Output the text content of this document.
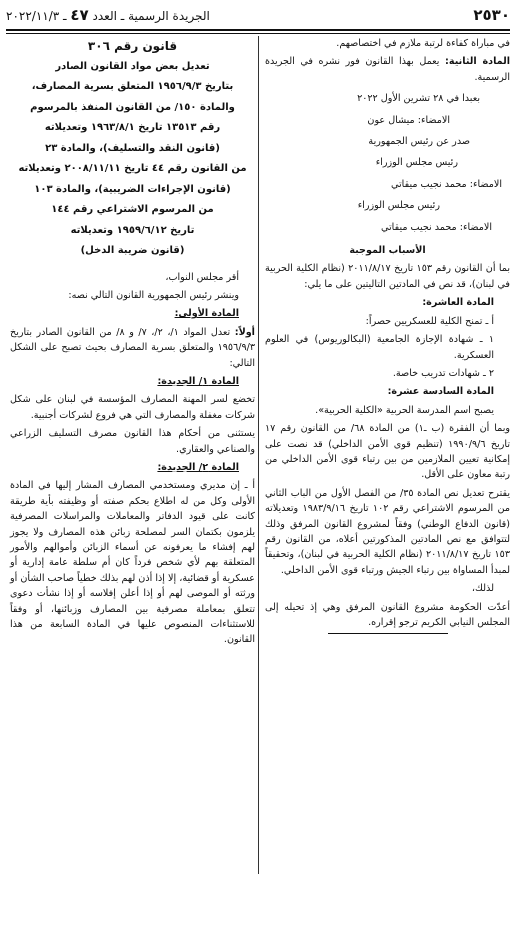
٢٥٣٠
الجريدة الرسمية ـ العدد ٤٧ ـ ٢٠٢٢/١١/٣

في مباراة كفاءة لرتبة ملازم في اختصاصهم.

المادة الثانية: يعمل بهذا القانون فور نشره في الجريدة الرسمية.

بعبدا في ٢٨ تشرين الأول ٢٠٢٢

الامضاء: ميشال عون

صدر عن رئيس الجمهورية

رئيس مجلس الوزراء

الامضاء: محمد نجيب ميقاتي

رئيس مجلس الوزراء

الامضاء: محمد نجيب ميقاتي

الأسباب الموجبة

بما أن القانون رقم ١٥٣ تاريخ ٢٠١١/٨/١٧ (نظام الكلية الحربية في لبنان)، قد نص في المادتين التاليتين على ما يلي:

المادة العاشرة:

أ ـ تمنح الكلية للعسكريين حصراً:

١ ـ شهادة الإجازة الجامعية (البكالوريوس) في العلوم العسكرية.

٢ ـ شهادات تدريب خاصة.

المادة السادسة عشرة:

يصبح اسم المدرسة الحربية «الكلية الحربية».

وبما أن الفقرة (ب ـ١) من المادة ٦٨/ من القانون رقم ١٧ تاريخ ١٩٩٠/٩/٦ (تنظيم قوى الأمن الداخلي) قد نصت على إمكانية تعيين الملازمين من بين رتباء قوى الأمن الداخلي من رتبة معاون على الأقل.

يقترح تعديل نص المادة ٣٥/ من الفصل الأول من الباب الثاني من المرسوم الاشتراعي رقم ١٠٢ تاريخ ١٩٨٣/٩/١٦ وتعديلاته (قانون الدفاع الوطني) وفقاً لمشروع القانون المرفق وذلك لتتوافق مع نص المادتين المذكورتين أعلاه، من القانون رقم ١٥٣ تاريخ ٢٠١١/٨/١٧ (نظام الكلية الحربية في لبنان)، وتحقيقاً لمبدأ المساواة بين رتباء الجيش ورتباء قوى الأمن الداخلي.

لذلك،

أعدّت الحكومة مشروع القانون المرفق وهي إذ تحيله إلى المجلس النيابي الكريم ترجو إقراره.

قانون رقم ٣٠٦
تعديل بعض مواد القانون الصادر
بتاريخ ١٩٥٦/٩/٣ المتعلق بسرية المصارف،
والمادة ١٥٠/ من القانون المنفذ بالمرسوم
رقم ١٣٥١٣ تاريخ ١٩٦٣/٨/١ وتعديلاته
(قانون النقد والتسليف)، والمادة ٢٣
من القانون رقم ٤٤ تاريخ ٢٠٠٨/١١/١١ وتعديلاته
(قانون الإجراءات الضريبية)، والمادة ١٠٣
من المرسوم الاشتراعي رقم ١٤٤
تاريخ ١٩٥٩/٦/١٢ وتعديلاته
(قانون ضريبة الدخل)

أقر مجلس النواب،

وينشر رئيس الجمهورية القانون التالي نصه:

المادة الأولى:

أولاً: تعدل المواد ١/، ٢/، ٧/ و ٨/ من القانون الصادر بتاريخ ١٩٥٦/٩/٣ والمتعلق بسرية المصارف بحيث تصبح على الشكل التالي:

المادة ١/ الجديدة:

تخضع لسر المهنة المصارف المؤسسة في لبنان على شكل شركات مغفلة والمصارف التي هي فروع لشركات أجنبية.

يستثنى من أحكام هذا القانون مصرف التسليف الزراعي والصناعي والعقاري.

المادة ٢/ الجديدة:

أ ـ إن مديري ومستخدمي المصارف المشار إليها في المادة الأولى وكل من له اطلاع بحكم صفته أو وظيفته بأية طريقة كانت على قيود الدفاتر والمعاملات والمراسلات المصرفية يلزمون بكتمان السر لمصلحة زبائن هذه المصارف ولا يجوز لهم إفشاء ما يعرفونه عن أسماء الزبائن وأموالهم والأمور المتعلقة بهم لأي شخص فرداً كان أم سلطة عامة إدارية أو عسكرية أو قضائية، إلا إذا أذن لهم بذلك خطياً صاحب الشأن أو ورثته أو الموصى لهم أو إذا أعلن إفلاسه أو إذا نشأت دعوى تتعلق بمعاملة مصرفية بين المصارف وزبائنها، أو وفقاً للاستثناءات المنصوص عليها في المادة السابعة من هذا القانون.
